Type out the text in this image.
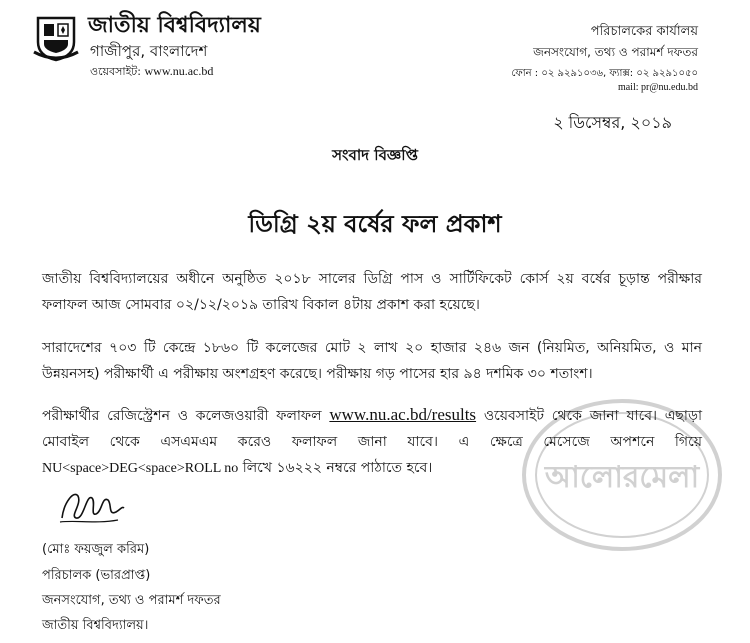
জাতীয় বিশ্ববিদ্যালয়
গাজীপুর, বাংলাদেশ
ওয়েবসাইট: www.nu.ac.bd
পরিচালকের কার্যালয়
জনসংযোগ, তথ্য ও পরামর্শ দফতর
ফোন : ০২ ৯২৯১০৩৬, ফ্যাক্স: ০২ ৯২৯১০৫০
mail: pr@nu.edu.bd
২ ডিসেম্বর, ২০১৯
সংবাদ বিজ্ঞপ্তি
ডিগ্রি ২য় বর্ষের ফল প্রকাশ
আলোরমেলা
জাতীয় বিশ্ববিদ্যালয়ের অধীনে অনুষ্ঠিত ২০১৮ সালের ডিগ্রি পাস ও সার্টিফিকেট কোর্স ২য় বর্ষের চূড়ান্ত পরীক্ষার ফলাফল আজ সোমবার ০২/১২/২০১৯ তারিখ বিকাল ৪টায় প্রকাশ করা হয়েছে।
সারাদেশের ৭০৩ টি কেন্দ্রে ১৮৬০ টি কলেজের মোট ২ লাখ ২০ হাজার ২৪৬ জন (নিয়মিত, অনিয়মিত, ও মান উন্নয়নসহ) পরীক্ষার্থী এ পরীক্ষায় অংশগ্রহণ করেছে। পরীক্ষায় গড় পাসের হার ৯৪ দশমিক ৩০ শতাংশ।
পরীক্ষার্থীর রেজিস্ট্রেশন ও কলেজওয়ারী ফলাফল www.nu.ac.bd/results ওয়েবসাইট থেকে জানা যাবে। এছাড়া মোবাইল থেকে এসএমএম করেও ফলাফল জানা যাবে। এ ক্ষেত্রে মেসেজে অপশনে গিয়ে NU<space>DEG<space>ROLL no লিখে ১৬২২২ নম্বরে পাঠাতে হবে।
(মোঃ ফয়জুল করিম)
পরিচালক (ভারপ্রাপ্ত)
জনসংযোগ, তথ্য ও পরামর্শ দফতর
জাতীয় বিশ্ববিদ্যালয়।
